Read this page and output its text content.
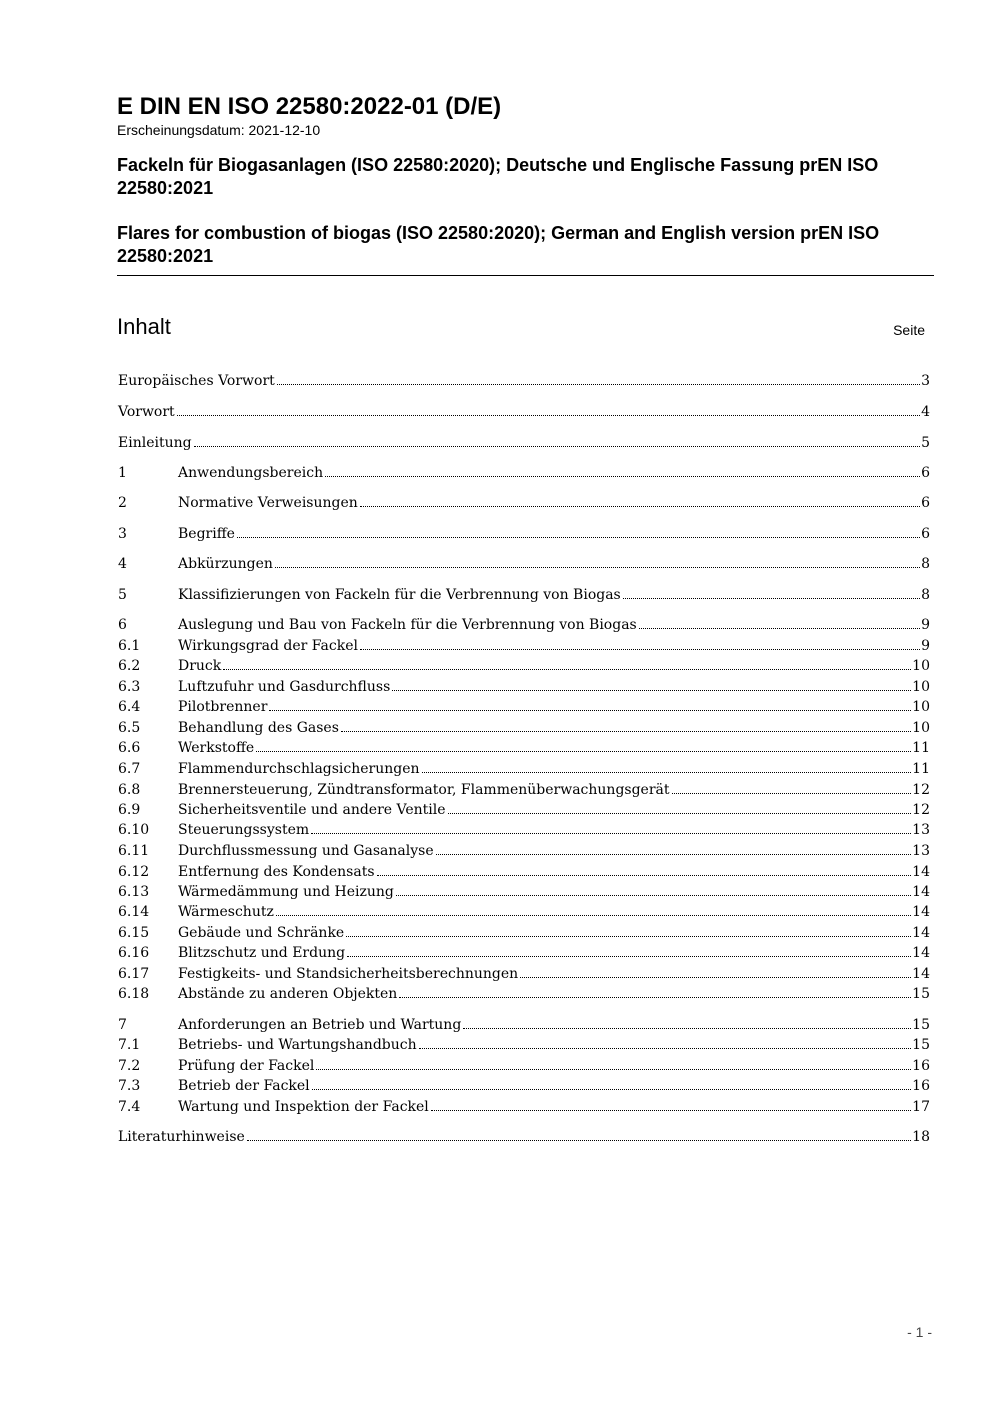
E DIN EN ISO 22580:2022-01 (D/E)

Erscheinungsdatum: 2021-12-10

Fackeln für Biogasanlagen (ISO 22580:2020); Deutsche und Englische Fassung prEN ISO 22580:2021

Flares for combustion of biogas (ISO 22580:2020); German and English version prEN ISO 22580:2021

Inhalt	Seite
Europäisches Vorwort	3
Vorwort	4
Einleitung	5
1	Anwendungsbereich	6
2	Normative Verweisungen	6
3	Begriffe	6
4	Abkürzungen	8
5	Klassifizierungen von Fackeln für die Verbrennung von Biogas	8
6	Auslegung und Bau von Fackeln für die Verbrennung von Biogas	9
6.1	Wirkungsgrad der Fackel	9
6.2	Druck	10
6.3	Luftzufuhr und Gasdurchfluss	10
6.4	Pilotbrenner	10
6.5	Behandlung des Gases	10
6.6	Werkstoffe	11
6.7	Flammendurchschlagsicherungen	11
6.8	Brennersteuerung, Zündtransformator, Flammenüberwachungsgerät	12
6.9	Sicherheitsventile und andere Ventile	12
6.10	Steuerungssystem	13
6.11	Durchflussmessung und Gasanalyse	13
6.12	Entfernung des Kondensats	14
6.13	Wärmedämmung und Heizung	14
6.14	Wärmeschutz	14
6.15	Gebäude und Schränke	14
6.16	Blitzschutz und Erdung	14
6.17	Festigkeits- und Standsicherheitsberechnungen	14
6.18	Abstände zu anderen Objekten	15
7	Anforderungen an Betrieb und Wartung	15
7.1	Betriebs- und Wartungshandbuch	15
7.2	Prüfung der Fackel	16
7.3	Betrieb der Fackel	16
7.4	Wartung und Inspektion der Fackel	17
Literaturhinweise	18
- 1 -
